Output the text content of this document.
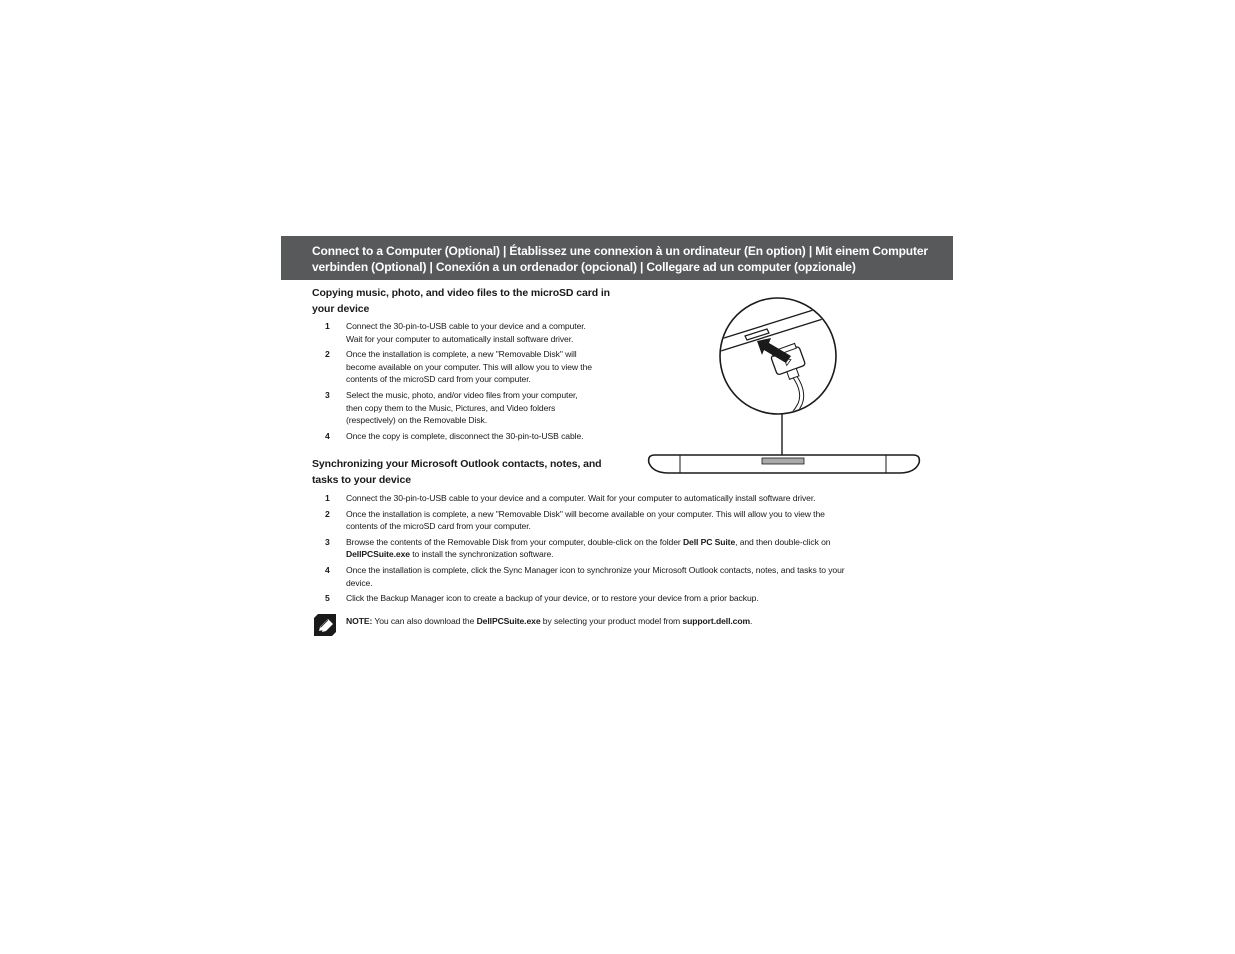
Connect to a Computer (Optional) | Établissez une connexion à un ordinateur (En option) | Mit einem Computer
verbinden (Optional) | Conexión a un ordenador (opcional) | Collegare ad un computer (opzionale)
Copying music, photo, and video files to the microSD card in
your device
1 Connect the 30-pin-to-USB cable to your device and a computer.
Wait for your computer to automatically install software driver.
2 Once the installation is complete, a new "Removable Disk" will
become available on your computer. This will allow you to view the
contents of the microSD card from your computer.
3 Select the music, photo, and/or video files from your computer,
then copy them to the Music, Pictures, and Video folders
(respectively) on the Removable Disk.
4 Once the copy is complete, disconnect the 30-pin-to-USB cable.
Synchronizing your Microsoft Outlook contacts, notes, and
tasks to your device
1 Connect the 30-pin-to-USB cable to your device and a computer. Wait for your computer to automatically install software driver.
2 Once the installation is complete, a new "Removable Disk" will become available on your computer. This will allow you to view the
contents of the microSD card from your computer.
3 Browse the contents of the Removable Disk from your computer, double-click on the folder Dell PC Suite, and then double-click on
DellPCSuite.exe to install the synchronization software.
4 Once the installation is complete, click the Sync Manager icon to synchronize your Microsoft Outlook contacts, notes, and tasks to your
device.
5 Click the Backup Manager icon to create a backup of your device, or to restore your device from a prior backup.
NOTE: You can also download the DellPCSuite.exe by selecting your product model from support.dell.com.
